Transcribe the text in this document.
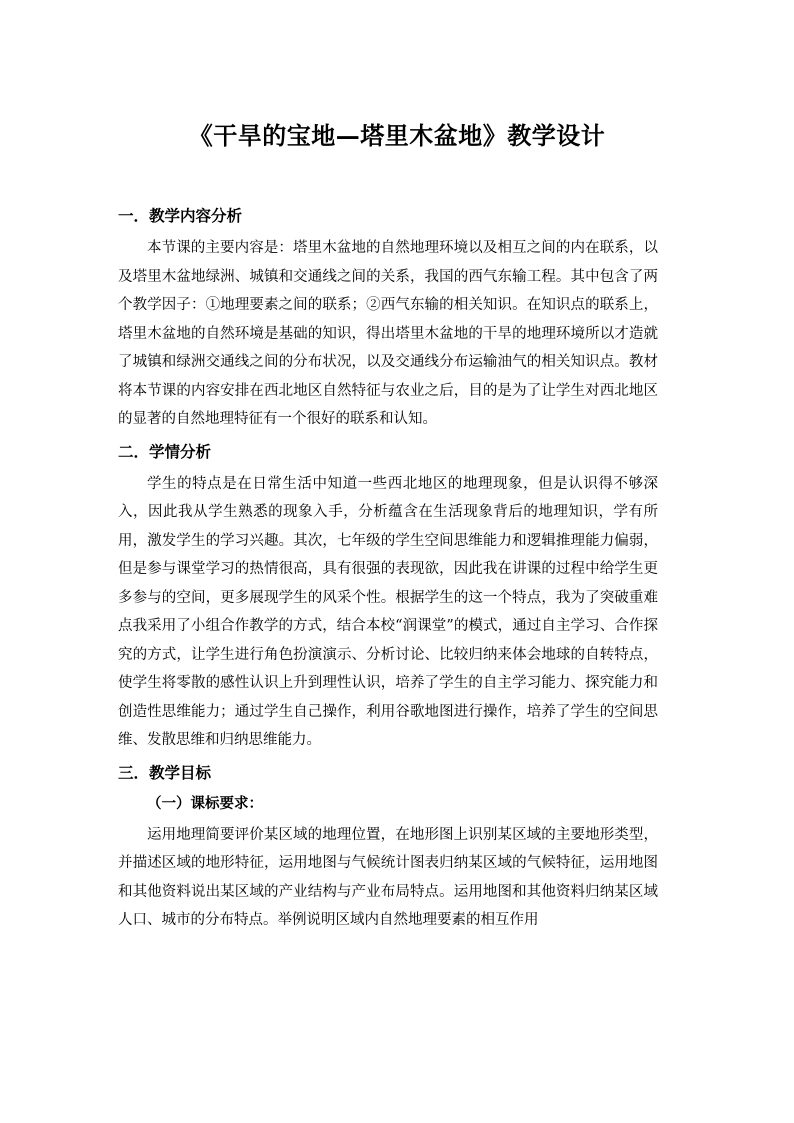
《干旱的宝地—塔里木盆地》教学设计
一．教学内容分析

本节课的主要内容是：塔里木盆地的自然地理环境以及相互之间的内在联系，以及塔里木盆地绿洲、城镇和交通线之间的关系，我国的西气东输工程。其中包含了两个教学因子：①地理要素之间的联系；②西气东输的相关知识。在知识点的联系上，塔里木盆地的自然环境是基础的知识，得出塔里木盆地的干旱的地理环境所以才造就了城镇和绿洲交通线之间的分布状况，以及交通线分布运输油气的相关知识点。教材将本节课的内容安排在西北地区自然特征与农业之后，目的是为了让学生对西北地区的显著的自然地理特征有一个很好的联系和认知。

二．学情分析

学生的特点是在日常生活中知道一些西北地区的地理现象，但是认识得不够深入，因此我从学生熟悉的现象入手，分析蕴含在生活现象背后的地理知识，学有所用，激发学生的学习兴趣。其次，七年级的学生空间思维能力和逻辑推理能力偏弱，但是参与课堂学习的热情很高，具有很强的表现欲，因此我在讲课的过程中给学生更多参与的空间，更多展现学生的风采个性。根据学生的这一个特点，我为了突破重难点我采用了小组合作教学的方式，结合本校“润课堂”的模式，通过自主学习、合作探究的方式，让学生进行角色扮演演示、分析讨论、比较归纳来体会地球的自转特点，使学生将零散的感性认识上升到理性认识，培养了学生的自主学习能力、探究能力和创造性思维能力；通过学生自己操作，利用谷歌地图进行操作，培养了学生的空间思维、发散思维和归纳思维能力。

三．教学目标

（一）课标要求：

运用地理简要评价某区域的地理位置，在地形图上识别某区域的主要地形类型，并描述区域的地形特征，运用地图与气候统计图表归纳某区域的气候特征，运用地图和其他资料说出某区域的产业结构与产业布局特点。运用地图和其他资料归纳某区域人口、城市的分布特点。举例说明区域内自然地理要素的相互作用
